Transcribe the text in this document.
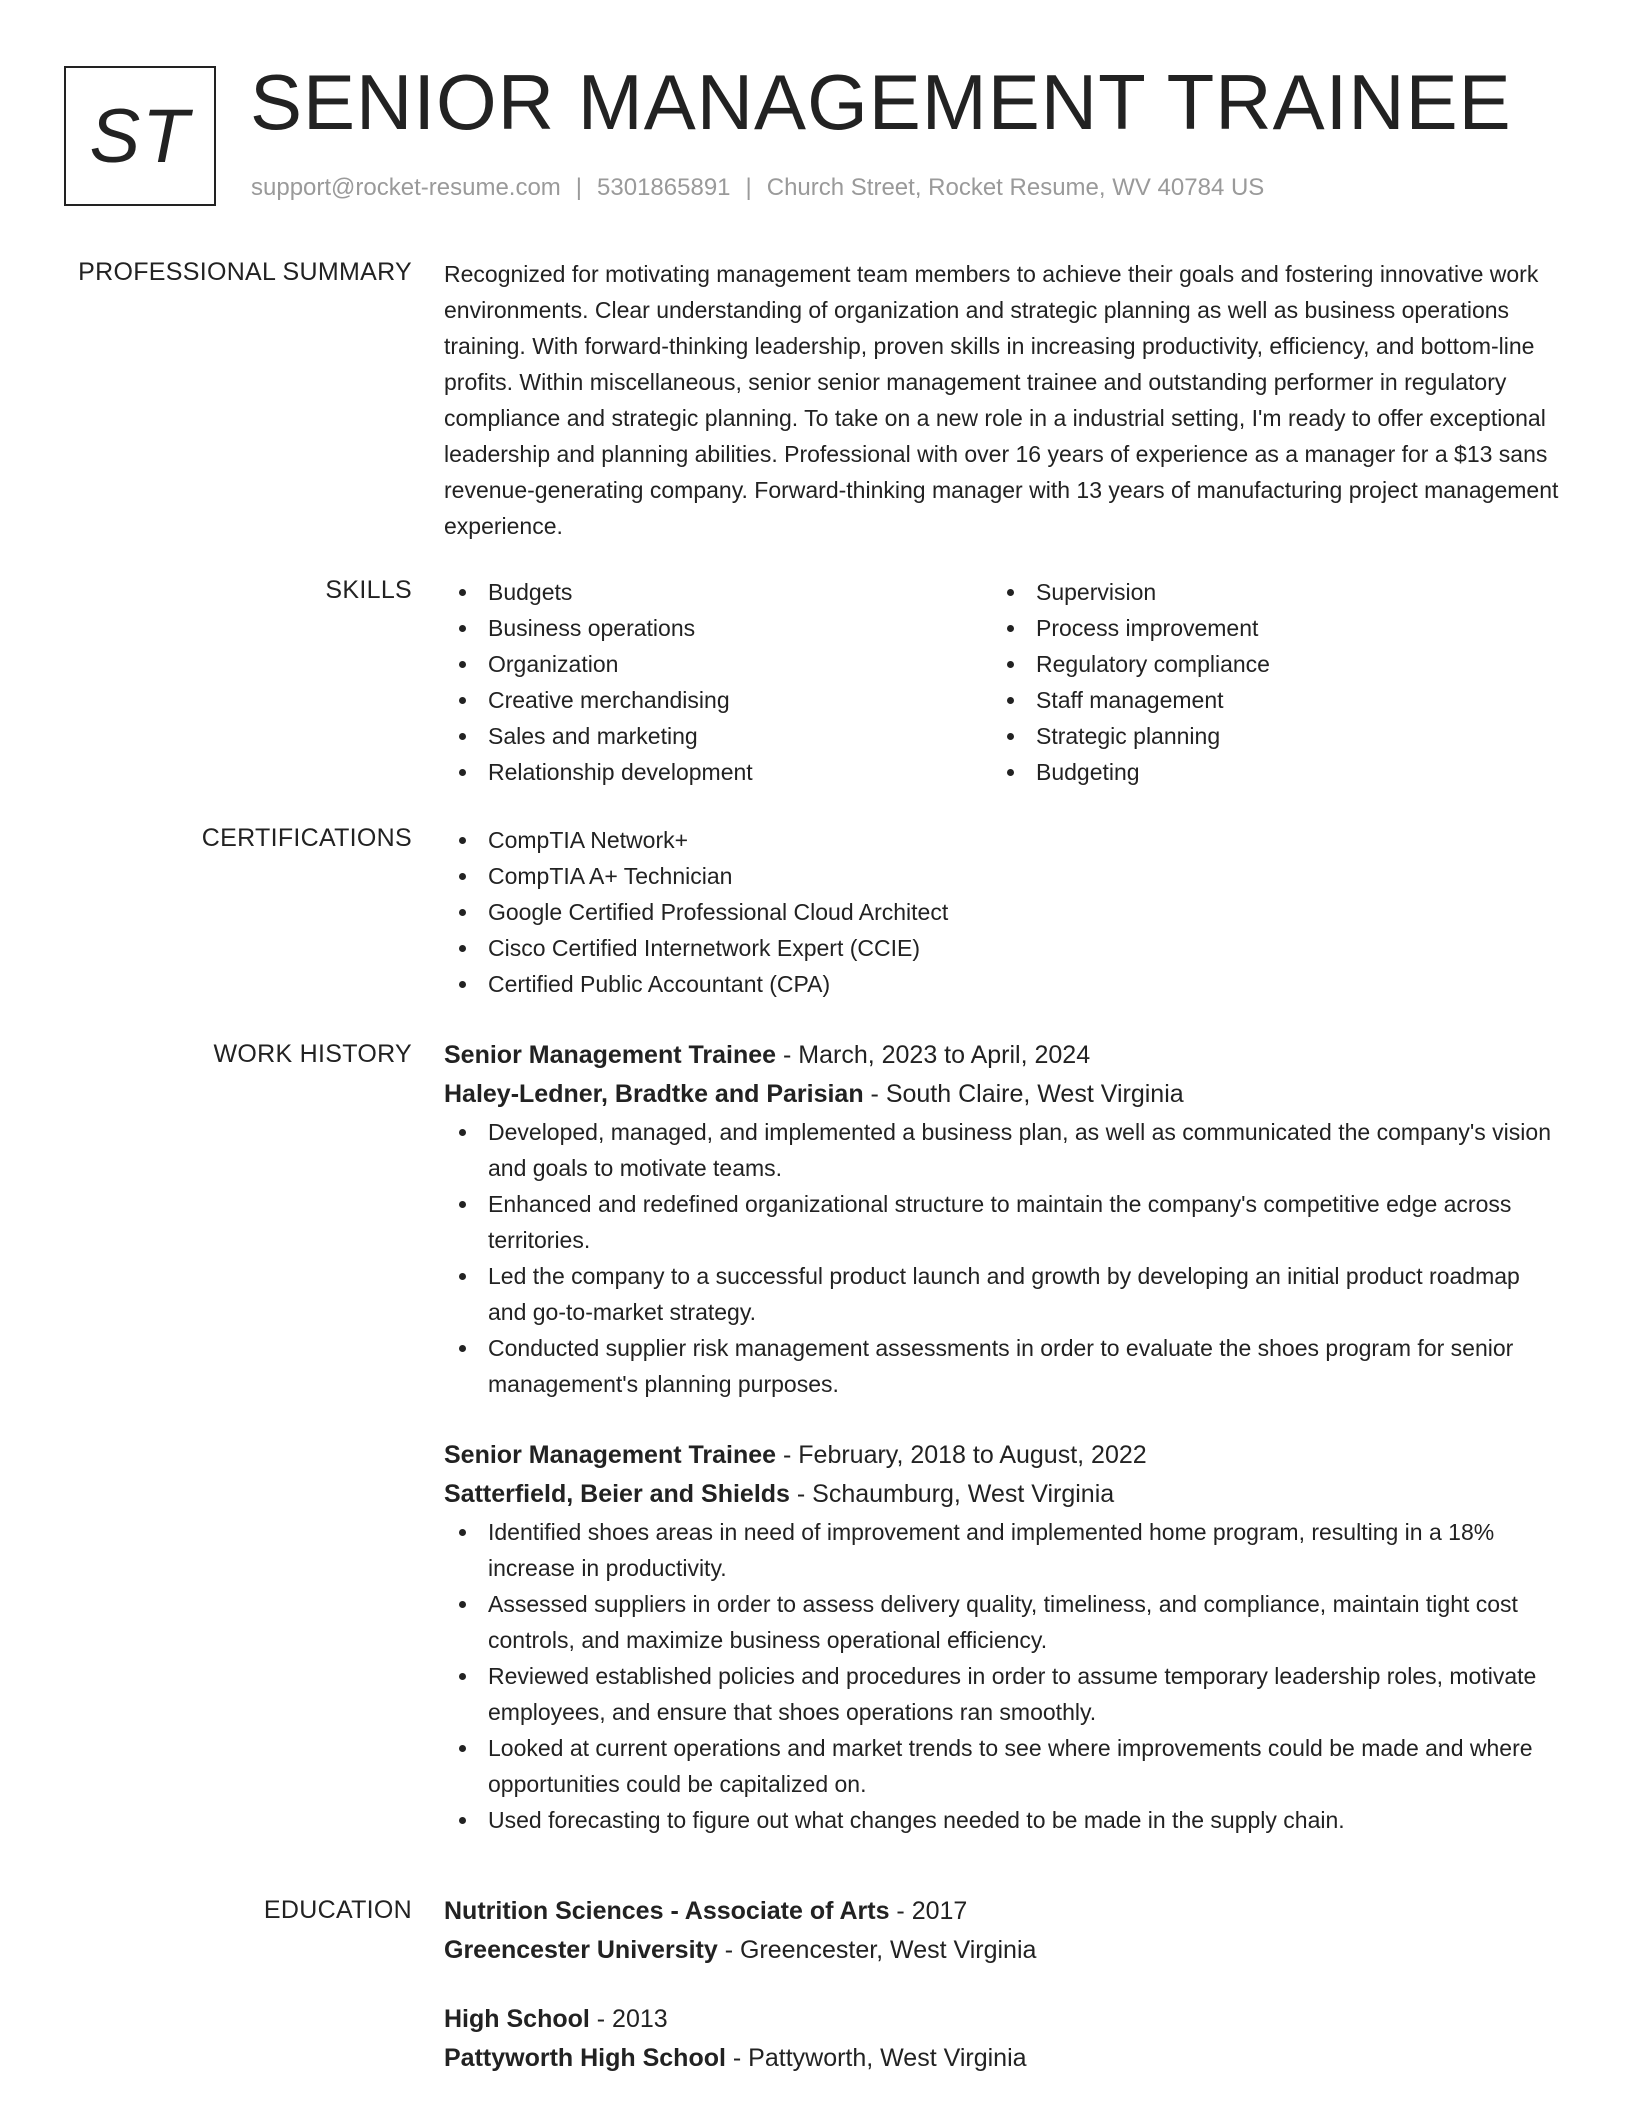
ST SENIOR MANAGEMENT TRAINEE
support@rocket-resume.com | 5301865891 | Church Street, Rocket Resume, WV 40784 US
PROFESSIONAL SUMMARY Recognized for motivating management team members to achieve their goals and fostering innovative work environments. Clear understanding of organization and strategic planning as well as business operations training. With forward-thinking leadership, proven skills in increasing productivity, efficiency, and bottom-line profits. Within miscellaneous, senior senior management trainee and outstanding performer in regulatory compliance and strategic planning. To take on a new role in a industrial setting, I'm ready to offer exceptional leadership and planning abilities. Professional with over 16 years of experience as a manager for a $13 sans revenue-generating company. Forward-thinking manager with 13 years of manufacturing project management experience.

SKILLS	Budgets
Business operations
Organization
Creative merchandising
Sales and marketing
Relationship development
Supervision
Process improvement
Regulatory compliance
Staff management
Strategic planning
Budgeting
CERTIFICATIONS	CompTIA Network+
CompTIA A+ Technician
Google Certified Professional Cloud Architect
Cisco Certified Internetwork Expert (CCIE)
Certified Public Accountant (CPA)
WORK HISTORY Senior Management Trainee - March, 2023 to April, 2024
Haley-Ledner, Bradtke and Parisian - South Claire, West Virginia
Developed, managed, and implemented a business plan, as well as communicated the company's vision and goals to motivate teams.
Enhanced and redefined organizational structure to maintain the company's competitive edge across territories.
Led the company to a successful product launch and growth by developing an initial product roadmap and go-to-market strategy.
Conducted supplier risk management assessments in order to evaluate the shoes program for senior management's planning purposes.
Senior Management Trainee - February, 2018 to August, 2022
Satterfield, Beier and Shields - Schaumburg, West Virginia
Identified shoes areas in need of improvement and implemented home program, resulting in a 18% increase in productivity.
Assessed suppliers in order to assess delivery quality, timeliness, and compliance, maintain tight cost controls, and maximize business operational efficiency.
Reviewed established policies and procedures in order to assume temporary leadership roles, motivate employees, and ensure that shoes operations ran smoothly.
Looked at current operations and market trends to see where improvements could be made and where opportunities could be capitalized on.
Used forecasting to figure out what changes needed to be made in the supply chain.
EDUCATION Nutrition Sciences - Associate of Arts - 2017
Greencester University - Greencester, West Virginia
High School - 2013
Pattyworth High School - Pattyworth, West Virginia
